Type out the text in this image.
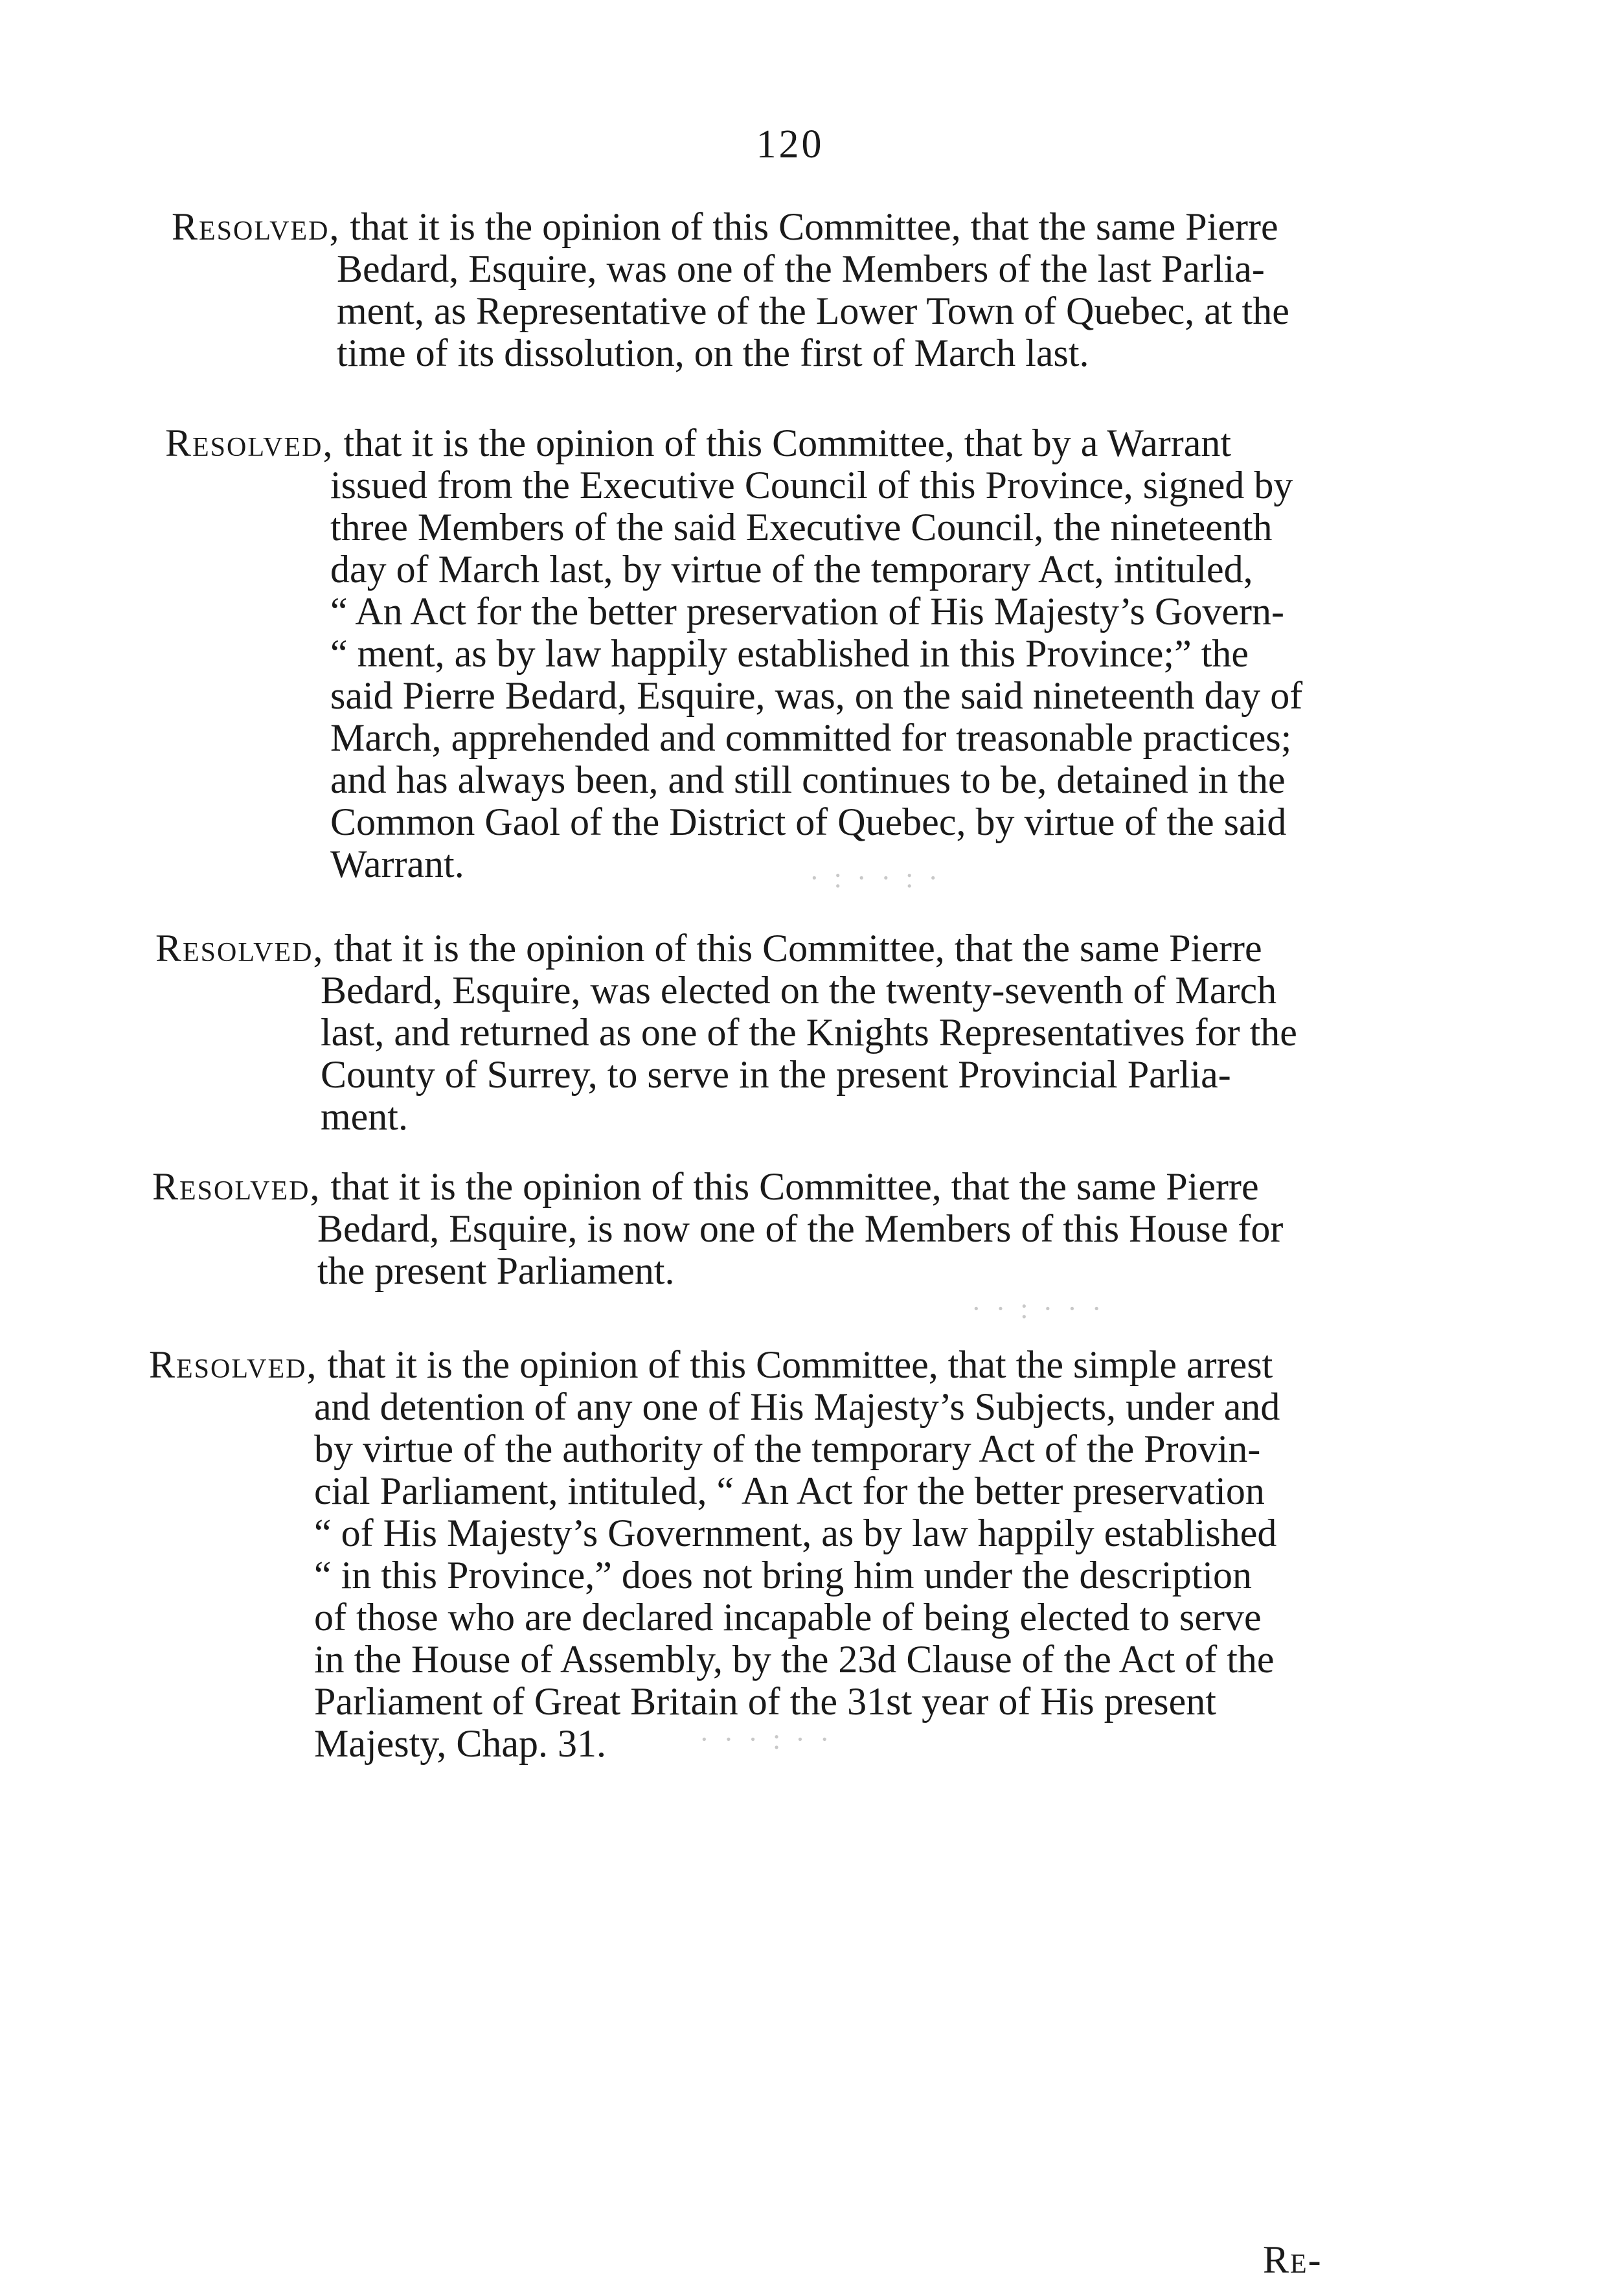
120
Resolved, that it is the opinion of this Committee, that the same Pierre
Bedard, Esquire, was one of the Members of the last Parlia-
ment, as Representative of the Lower Town of Quebec, at the
time of its dissolution, on the first of March last.
Resolved, that it is the opinion of this Committee, that by a Warrant
issued from the Executive Council of this Province, signed by
three Members of the said Executive Council, the nineteenth
day of March last, by virtue of the temporary Act, intituled,
“ An Act for the better preservation of His Majesty’s Govern-
“ ment, as by law happily established in this Province;” the
said Pierre Bedard, Esquire, was, on the said nineteenth day of
March, apprehended and committed for treasonable practices;
and has always been, and still continues to be, detained in the
Common Gaol of the District of Quebec, by virtue of the said
Warrant.
Resolved, that it is the opinion of this Committee, that the same Pierre
Bedard, Esquire, was elected on the twenty-seventh of March
last, and returned as one of the Knights Representatives for the
County of Surrey, to serve in the present Provincial Parlia-
ment.
Resolved, that it is the opinion of this Committee, that the same Pierre
Bedard, Esquire, is now one of the Members of this House for
the present Parliament.
Resolved, that it is the opinion of this Committee, that the simple arrest
and detention of any one of His Majesty’s Subjects, under and
by virtue of the authority of the temporary Act of the Provin-
cial Parliament, intituled, “ An Act for the better preservation
“ of His Majesty’s Government, as by law happily established
“ in this Province,” does not bring him under the description
of those who are declared incapable of being elected to serve
in the House of Assembly, by the 23d Clause of the Act of the
Parliament of Great Britain of the 31st year of His present
Majesty, Chap. 31.
Re-
· : · · : ·
· · : · · ·
· · · : · ·
